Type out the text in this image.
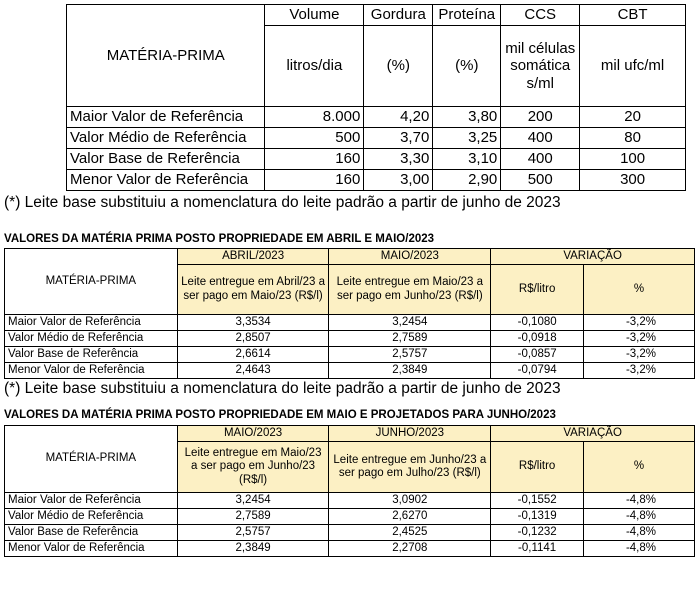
MATÉRIA-PRIMA	Volume	Gordura	Proteína	CCS	CBT
	litros/dia	(%)	(%)	mil células somática s/ml	mil ufc/ml
Maior Valor de Referência	8.000	4,20	3,80	200	20
Valor Médio de Referência	500	3,70	3,25	400	80
Valor Base de Referência	160	3,30	3,10	400	100
Menor Valor de Referência	160	3,00	2,90	500	300
(*) Leite base substituiu a nomenclatura do leite padrão a partir de junho de 2023
VALORES DA MATÉRIA PRIMA POSTO PROPRIEDADE EM ABRIL E MAIO/2023
MATÉRIA-PRIMA	ABRIL/2023	MAIO/2023	VARIAÇÃO	
	Leite entregue em Abril/23 a ser pago em Maio/23 (R$/l)	Leite entregue em Maio/23 a ser pago em Junho/23 (R$/l)	R$/litro	%
Maior Valor de Referência	3,3534	3,2454	-0,1080	-3,2%
Valor Médio de Referência	2,8507	2,7589	-0,0918	-3,2%
Valor Base de Referência	2,6614	2,5757	-0,0857	-3,2%
Menor Valor de Referência	2,4643	2,3849	-0,0794	-3,2%
(*) Leite base substituiu a nomenclatura do leite padrão a partir de junho de 2023
VALORES DA MATÉRIA PRIMA POSTO PROPRIEDADE EM MAIO E PROJETADOS PARA JUNHO/2023
MATÉRIA-PRIMA	MAIO/2023	JUNHO/2023	VARIAÇÃO	
	Leite entregue em Maio/23 a ser pago em Junho/23 (R$/l)	Leite entregue em Junho/23 a ser pago em Julho/23 (R$/l)	R$/litro	%
Maior Valor de Referência	3,2454	3,0902	-0,1552	-4,8%
Valor Médio de Referência	2,7589	2,6270	-0,1319	-4,8%
Valor Base de Referência	2,5757	2,4525	-0,1232	-4,8%
Menor Valor de Referência	2,3849	2,2708	-0,1141	-4,8%
